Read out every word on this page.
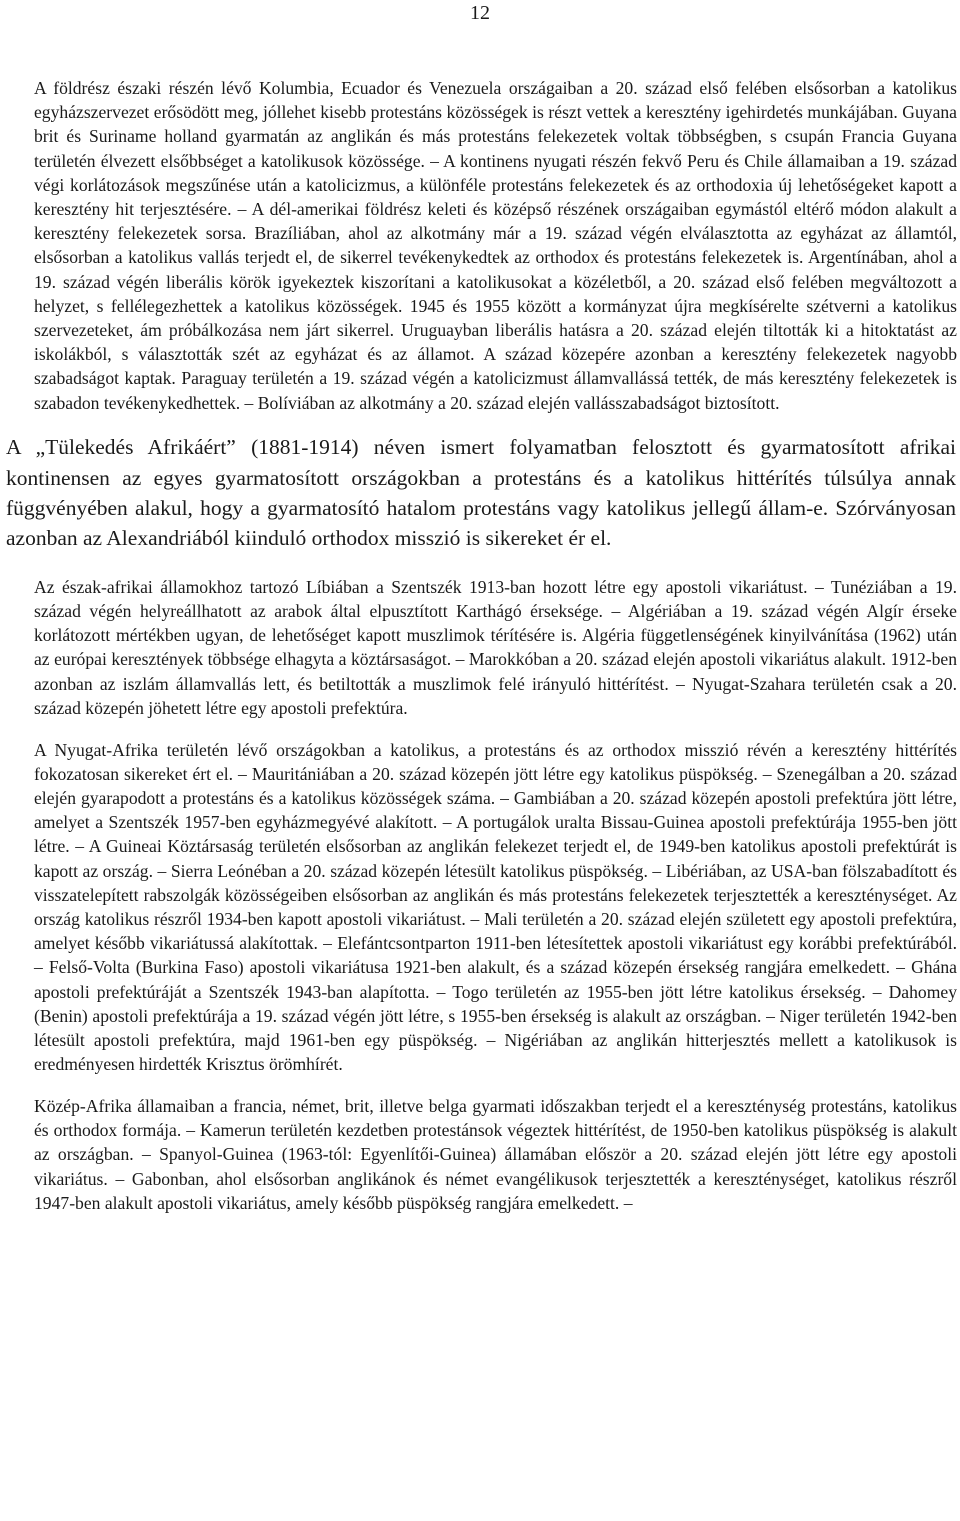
12

A földrész északi részén lévő Kolumbia, Ecuador és Venezuela országaiban a 20. század első felében elsősorban a katolikus egyházszervezet erősödött meg, jóllehet kisebb protestáns közösségek is részt vettek a keresztény igehirdetés munkájában. Guyana brit és Suriname holland gyarmatán az anglikán és más protestáns felekezetek voltak többségben, s csupán Francia Guyana területén élvezett elsőbbséget a katolikusok közössége. – A kontinens nyugati részén fekvő Peru és Chile államaiban a 19. század végi korlátozások megszűnése után a katolicizmus, a különféle protestáns felekezetek és az orthodoxia új lehetőségeket kapott a keresztény hit terjesztésére. – A dél-amerikai földrész keleti és középső részének országaiban egymástól eltérő módon alakult a keresztény felekezetek sorsa. Brazíliában, ahol az alkotmány már a 19. század végén elválasztotta az egyházat az államtól, elsősorban a katolikus vallás terjedt el, de sikerrel tevékenykedtek az orthodox és protestáns felekezetek is. Argentínában, ahol a 19. század végén liberális körök igyekeztek kiszorítani a katolikusokat a közéletből, a 20. század első felében megváltozott a helyzet, s fellélegezhettek a katolikus közösségek. 1945 és 1955 között a kormányzat újra megkísérelte szétverni a katolikus szervezeteket, ám próbálkozása nem járt sikerrel. Uruguayban liberális hatásra a 20. század elején tiltották ki a hitoktatást az iskolákból, s választották szét az egyházat és az államot. A század közepére azonban a keresztény felekezetek nagyobb szabadságot kaptak. Paraguay területén a 19. század végén a katolicizmust államvallássá tették, de más keresztény felekezetek is szabadon tevékenykedhettek. – Bolíviában az alkotmány a 20. század elején vallásszabadságot biztosított.

A „Tülekedés Afrikáért” (1881-1914) néven ismert folyamatban felosztott és gyarmatosított afrikai kontinensen az egyes gyarmatosított országokban a protestáns és a katolikus hittérítés túlsúlya annak függvényében alakul, hogy a gyarmatosító hatalom protestáns vagy katolikus jellegű állam-e. Szórványosan azonban az Alexandriából kiinduló orthodox misszió is sikereket ér el.

Az észak-afrikai államokhoz tartozó Líbiában a Szentszék 1913-ban hozott létre egy apostoli vikariátust. – Tunéziában a 19. század végén helyreállhatott az arabok által elpusztított Karthágó érseksége. – Algériában a 19. század végén Algír érseke korlátozott mértékben ugyan, de lehetőséget kapott muszlimok térítésére is. Algéria függetlenségének kinyilvánítása (1962) után az európai keresztények többsége elhagyta a köztársaságot. – Marokkóban a 20. század elején apostoli vikariátus alakult. 1912-ben azonban az iszlám államvallás lett, és betiltották a muszlimok felé irányuló hittérítést. – Nyugat-Szahara területén csak a 20. század közepén jöhetett létre egy apostoli prefektúra.

A Nyugat-Afrika területén lévő országokban a katolikus, a protestáns és az orthodox misszió révén a keresztény hittérítés fokozatosan sikereket ért el. – Mauritániában a 20. század közepén jött létre egy katolikus püspökség. – Szenegálban a 20. század elején gyarapodott a protestáns és a katolikus közösségek száma. – Gambiában a 20. század közepén apostoli prefektúra jött létre, amelyet a Szentszék 1957-ben egyházmegyévé alakított. – A portugálok uralta Bissau-Guinea apostoli prefektúrája 1955-ben jött létre. – A Guineai Köztársaság területén elsősorban az anglikán felekezet terjedt el, de 1949-ben katolikus apostoli prefektúrát is kapott az ország. – Sierra Leónéban a 20. század közepén létesült katolikus püspökség. – Libériában, az USA-ban fölszabadított és visszatelepített rabszolgák közösségeiben elsősorban az anglikán és más protestáns felekezetek terjesztették a kereszténységet. Az ország katolikus részről 1934-ben kapott apostoli vikariátust. – Mali területén a 20. század elején született egy apostoli prefektúra, amelyet később vikariátussá alakítottak. – Elefántcsontparton 1911-ben létesítettek apostoli vikariátust egy korábbi prefektúrából. – Felső-Volta (Burkina Faso) apostoli vikariátusa 1921-ben alakult, és a század közepén érsekség rangjára emelkedett. – Ghána apostoli prefektúráját a Szentszék 1943-ban alapította. – Togo területén az 1955-ben jött létre katolikus érsekség. – Dahomey (Benin) apostoli prefektúrája a 19. század végén jött létre, s 1955-ben érsekség is alakult az országban. – Niger területén 1942-ben létesült apostoli prefektúra, majd 1961-ben egy püspökség. – Nigériában az anglikán hitterjesztés mellett a katolikusok is eredményesen hirdették Krisztus örömhírét.

Közép-Afrika államaiban a francia, német, brit, illetve belga gyarmati időszakban terjedt el a kereszténység protestáns, katolikus és orthodox formája. – Kamerun területén kezdetben protestánsok végeztek hittérítést, de 1950-ben katolikus püspökség is alakult az országban. – Spanyol-Guinea (1963-tól: Egyenlítői-Guinea) államában először a 20. század elején jött létre egy apostoli vikariátus. – Gabonban, ahol elsősorban anglikánok és német evangélikusok terjesztették a kereszténységet, katolikus részről 1947-ben alakult apostoli vikariátus, amely később püspökség rangjára emelkedett. –
